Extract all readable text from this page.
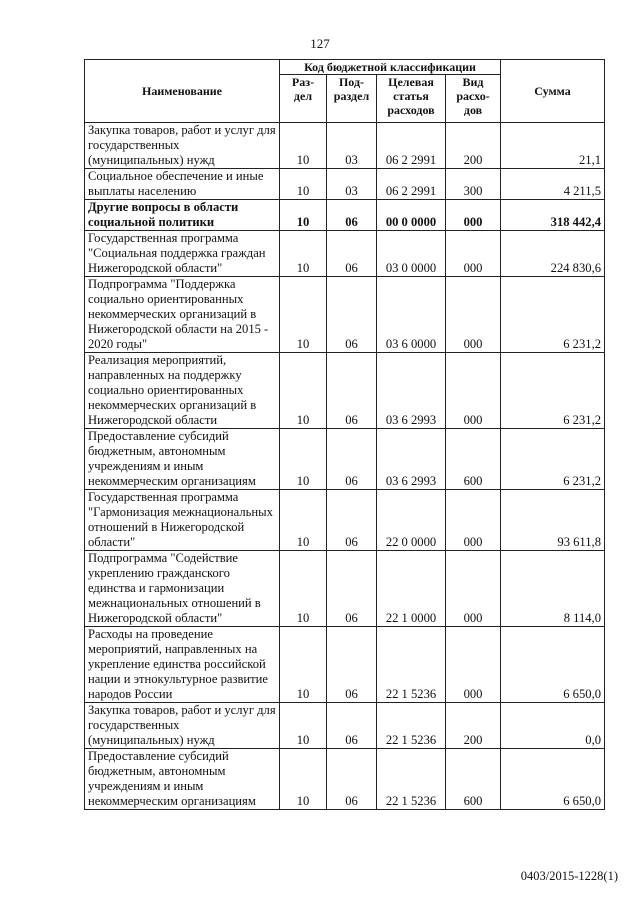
127
Наименование	Код бюджетной классификации				Сумма
	Раз-дел	Под-раздел	Целевая статья расходов	Вид расхо-дов	
Закупка товаров, работ и услуг для государственных (муниципальных) нужд	10	03	06 2 2991	200	21,1
Социальное обеспечение и иные выплаты населению	10	03	06 2 2991	300	4 211,5
Другие вопросы в области социальной политики	10	06	00 0 0000	000	318 442,4
Государственная программа "Социальная поддержка граждан Нижегородской области"	10	06	03 0 0000	000	224 830,6
Подпрограмма "Поддержка социально ориентированных некоммерческих организаций в Нижегородской области на 2015 - 2020 годы"	10	06	03 6 0000	000	6 231,2
Реализация мероприятий, направленных на поддержку социально ориентированных некоммерческих организаций в Нижегородской области	10	06	03 6 2993	000	6 231,2
Предоставление субсидий бюджетным, автономным учреждениям и иным некоммерческим организациям	10	06	03 6 2993	600	6 231,2
Государственная программа "Гармонизация межнациональных отношений в Нижегородской области"	10	06	22 0 0000	000	93 611,8
Подпрограмма "Содействие укреплению гражданского единства и гармонизации межнациональных отношений в Нижегородской области"	10	06	22 1 0000	000	8 114,0
Расходы на проведение мероприятий, направленных на укрепление единства российской нации и этнокультурное развитие народов России	10	06	22 1 5236	000	6 650,0
Закупка товаров, работ и услуг для государственных (муниципальных) нужд	10	06	22 1 5236	200	0,0
Предоставление субсидий бюджетным, автономным учреждениям и иным некоммерческим организациям	10	06	22 1 5236	600	6 650,0
0403/2015-1228(1)
